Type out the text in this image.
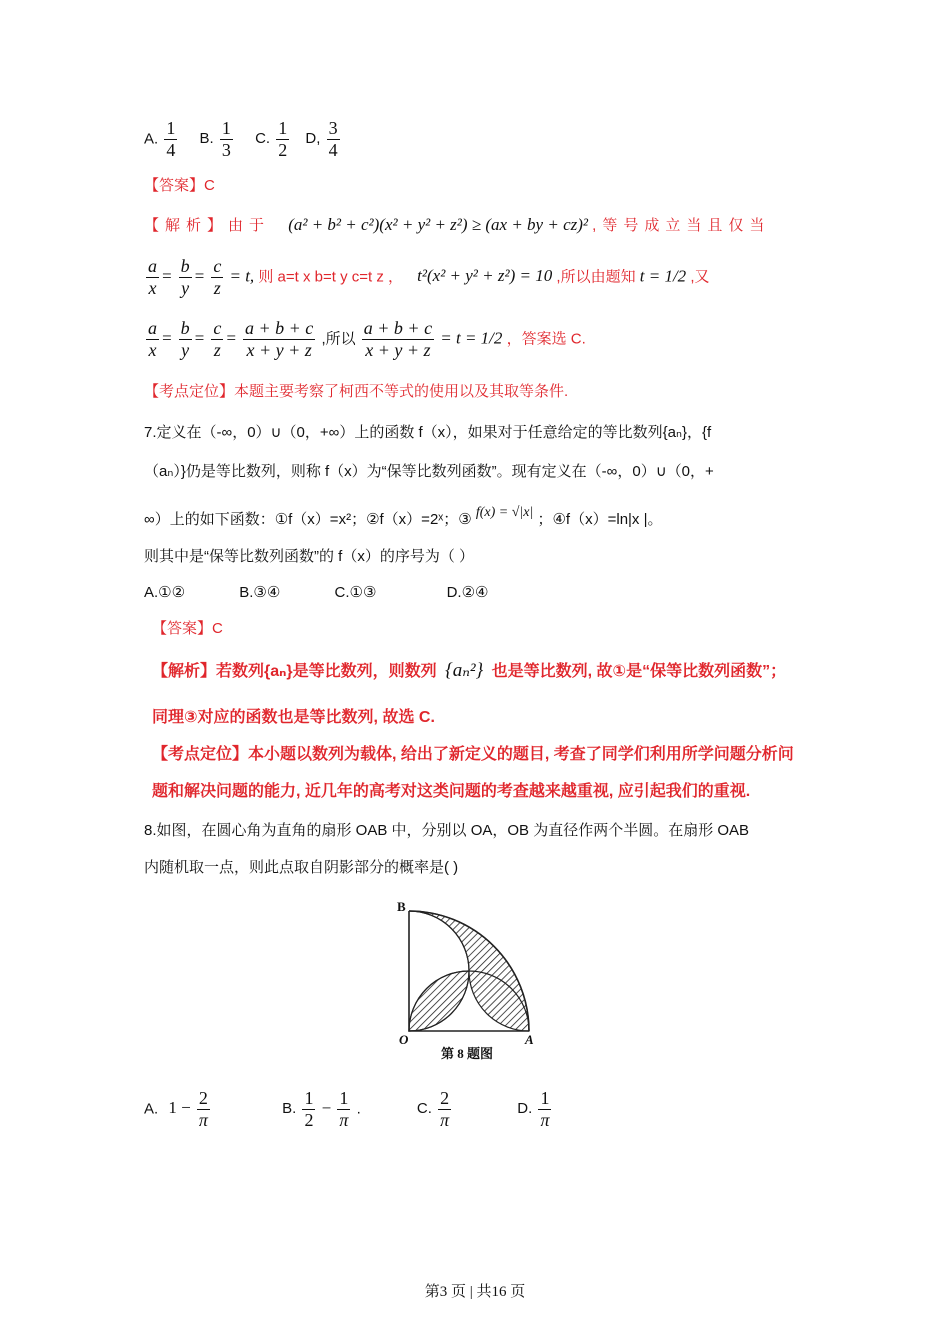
A. $\frac{1}{4} B$. $\frac{1}{3} C$. $\frac{1}{2} D$, $\frac{3}{4}$
【答案】C
【解析】由于 (a² + b² + c²)(x² + y² + z²) ≥ (ax + by + cz)² ,等号成立当且仅当
$\frac{a}{x} = \frac{b}{y} = \frac{c}{z} = t$, 则 a=t x b=t y c=t z ， t²(x² + y² + z²) = 10 ,所以由题知 t = 1/2 ,又
$\frac{a}{x} = \frac{b}{y} = \frac{c}{z} = \frac{a + b + c}{x + y + z}$ ,所以 $\frac{a + b + c}{x + y + z} = t = 1/2$ ，答案选 C.
【考点定位】本题主要考察了柯西不等式的使用以及其取等条件.
7.定义在（-∞，0）∪（0，+∞）上的函数 f（x），如果对于任意给定的等比数列{aₙ}，{f
（aₙ）}仍是等比数列，则称 f（x）为“保等比数列函数”。现有定义在（-∞，0）∪（0，+
∞）上的如下函数：①f（x）=x²；②f（x）=2ˣ；③ f(x) = √|x| ；④f（x）=ln|x |。
则其中是“保等比数列函数”的 f（x）的序号为（ ）
A.①②	B.③④	C.①③	D.②④
【答案】C
【解析】若数列{aₙ}是等比数列，则数列 {aₙ²} 也是等比数列, 故①是“保等比数列函数”；
同理③对应的函数也是等比数列, 故选 C.
【考点定位】本小题以数列为载体, 给出了新定义的题目, 考查了同学们利用所学问题分析问
题和解决问题的能力, 近几年的高考对这类问题的考查越来越重视, 应引起我们的重视.
8.如图，在圆心角为直角的扇形 OAB 中，分别以 OA，OB 为直径作两个半圆。在扇形 OAB
内随机取一点，则此点取自阴影部分的概率是( )
B
O	A
第 8 题图
A. $1 - \frac{2}{\pi}$	B. $\frac{1}{2} - \frac{1}{\pi}$ .	C. $\frac{2}{\pi}$	D. $\frac{1}{\pi}$
第3 页 | 共16 页
